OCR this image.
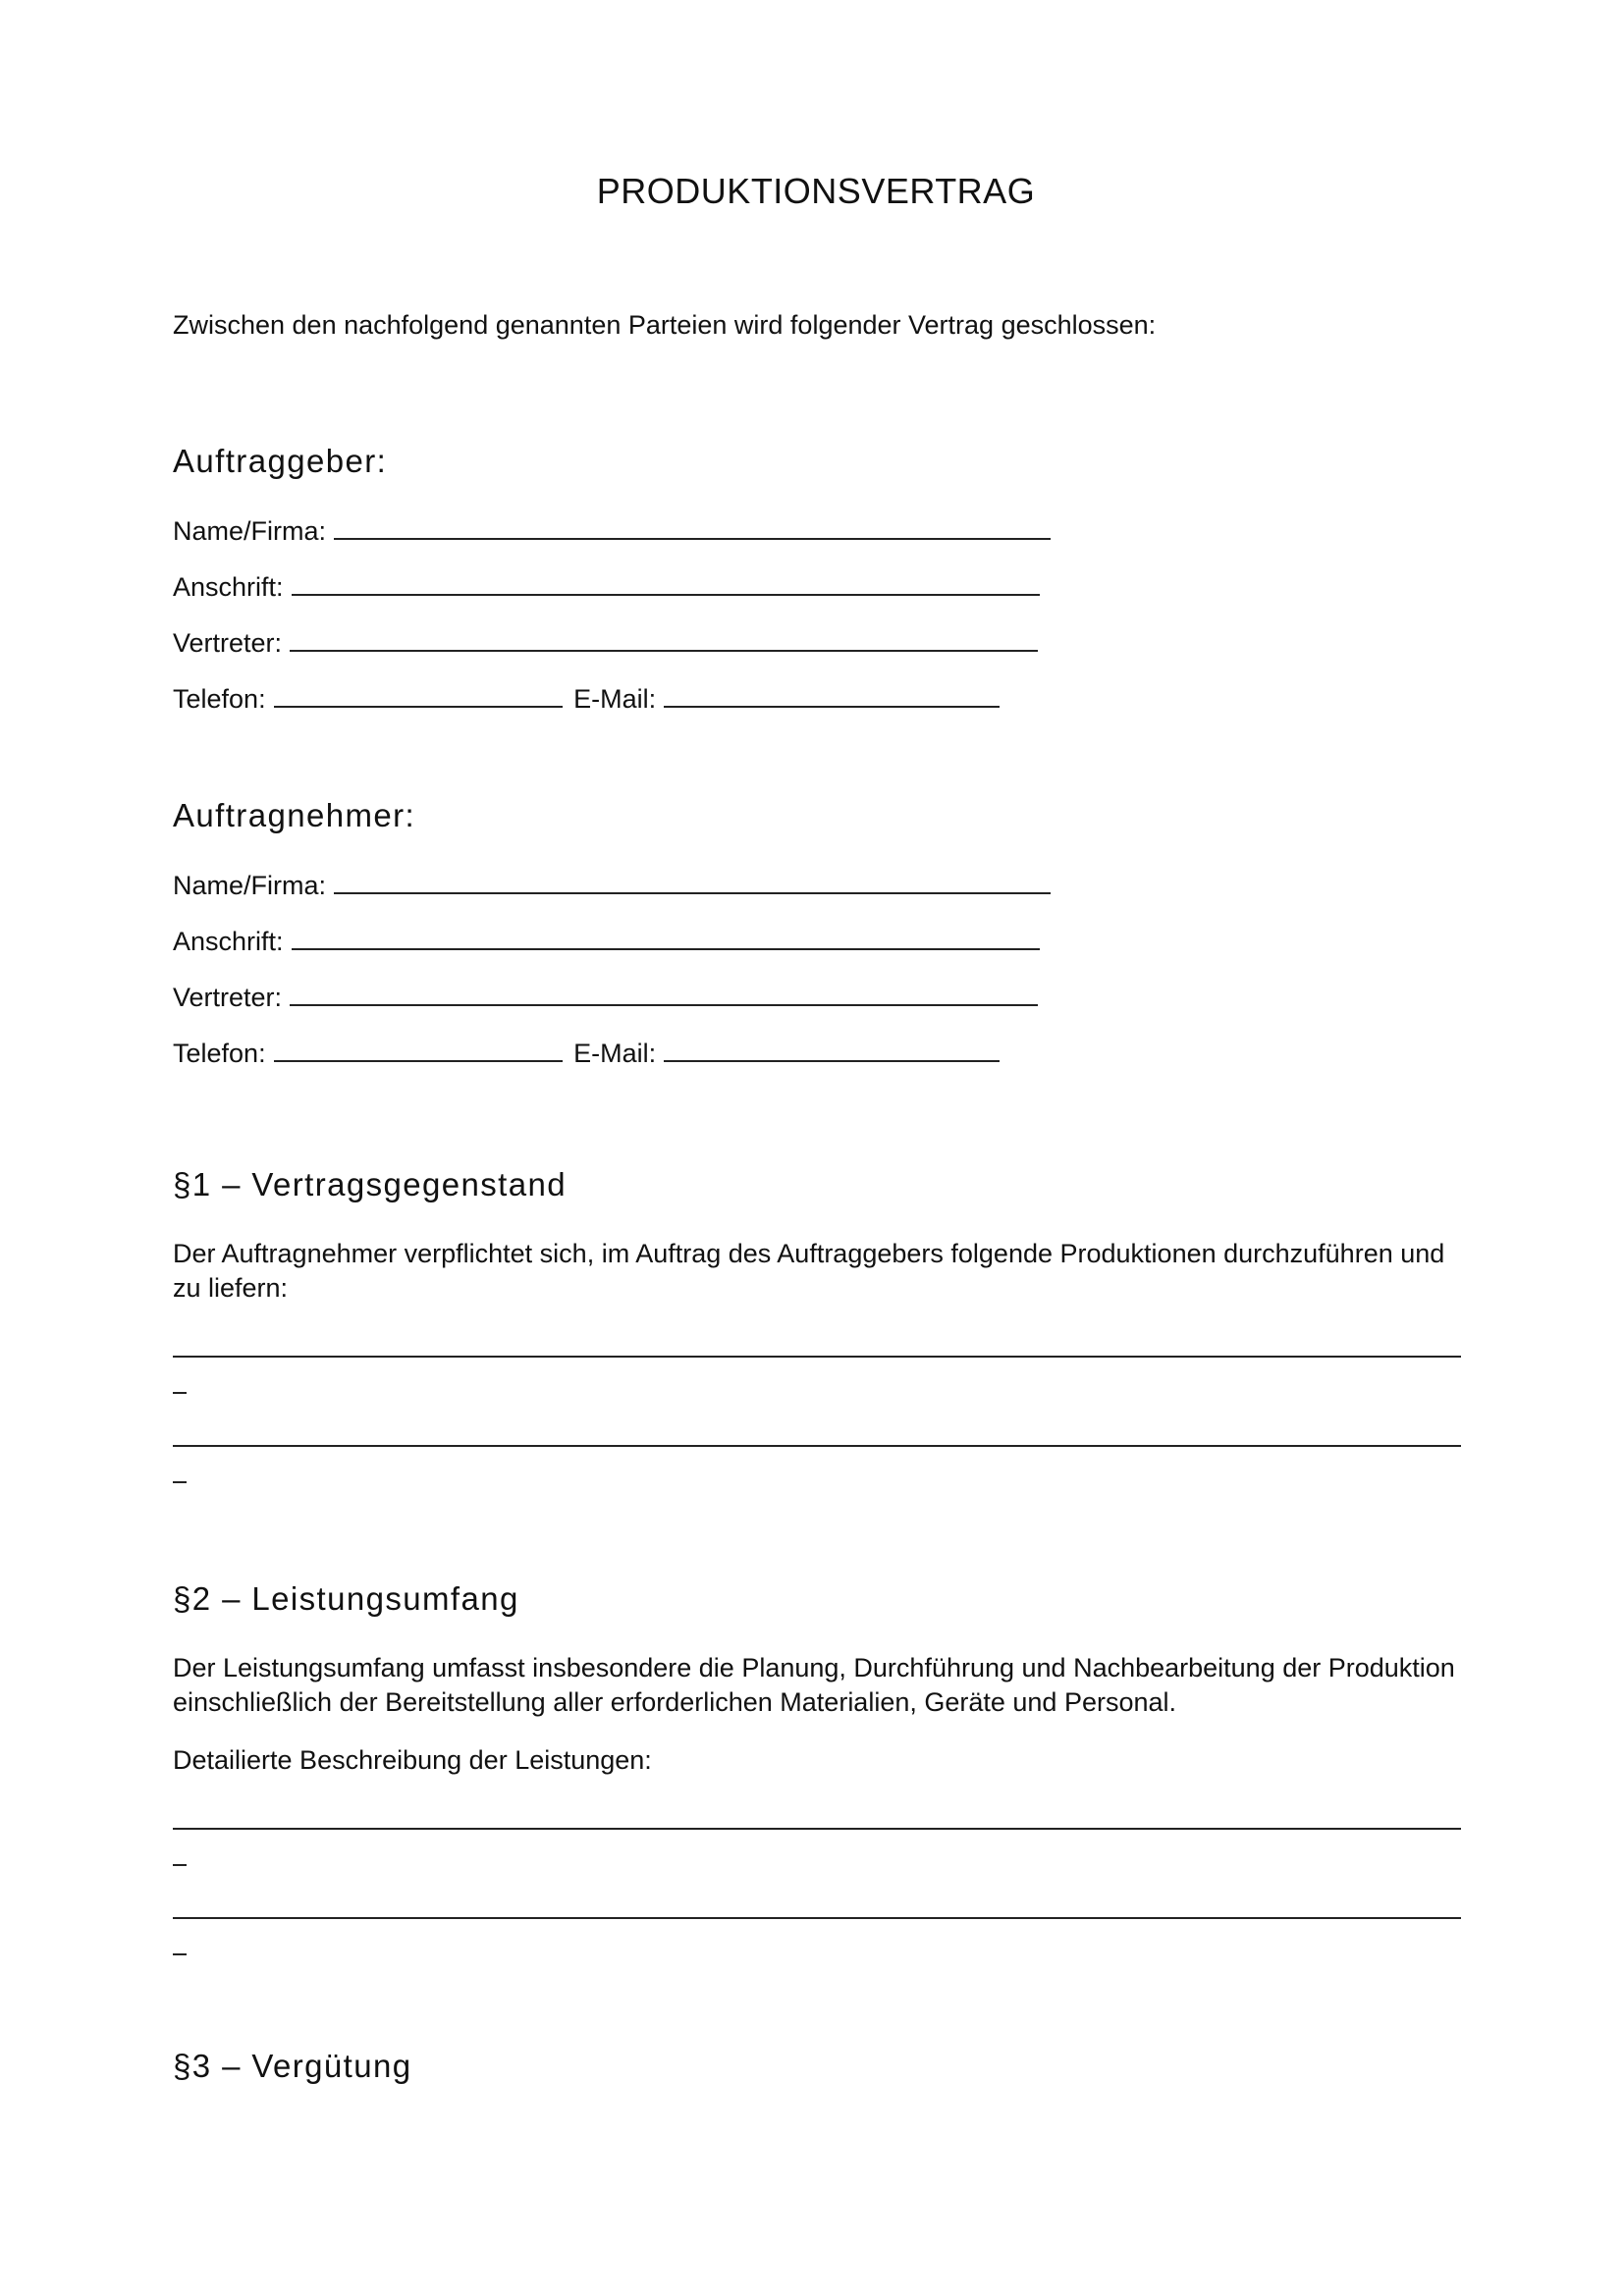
PRODUKTIONSVERTRAG
Zwischen den nachfolgend genannten Parteien wird folgender Vertrag geschlossen:
Auftraggeber:
Name/Firma:
Anschrift:
Vertreter:
Telefon:	E-Mail:
Auftragnehmer:
Name/Firma:
Anschrift:
Vertreter:
Telefon:	E-Mail:
§1 – Vertragsgegenstand
Der Auftragnehmer verpflichtet sich, im Auftrag des Auftraggebers folgende Produktionen durchzuführen und zu liefern:
§2 – Leistungsumfang
Der Leistungsumfang umfasst insbesondere die Planung, Durchführung und Nachbearbeitung der Produktion einschließlich der Bereitstellung aller erforderlichen Materialien, Geräte und Personal.
Detailierte Beschreibung der Leistungen:
§3 – Vergütung
